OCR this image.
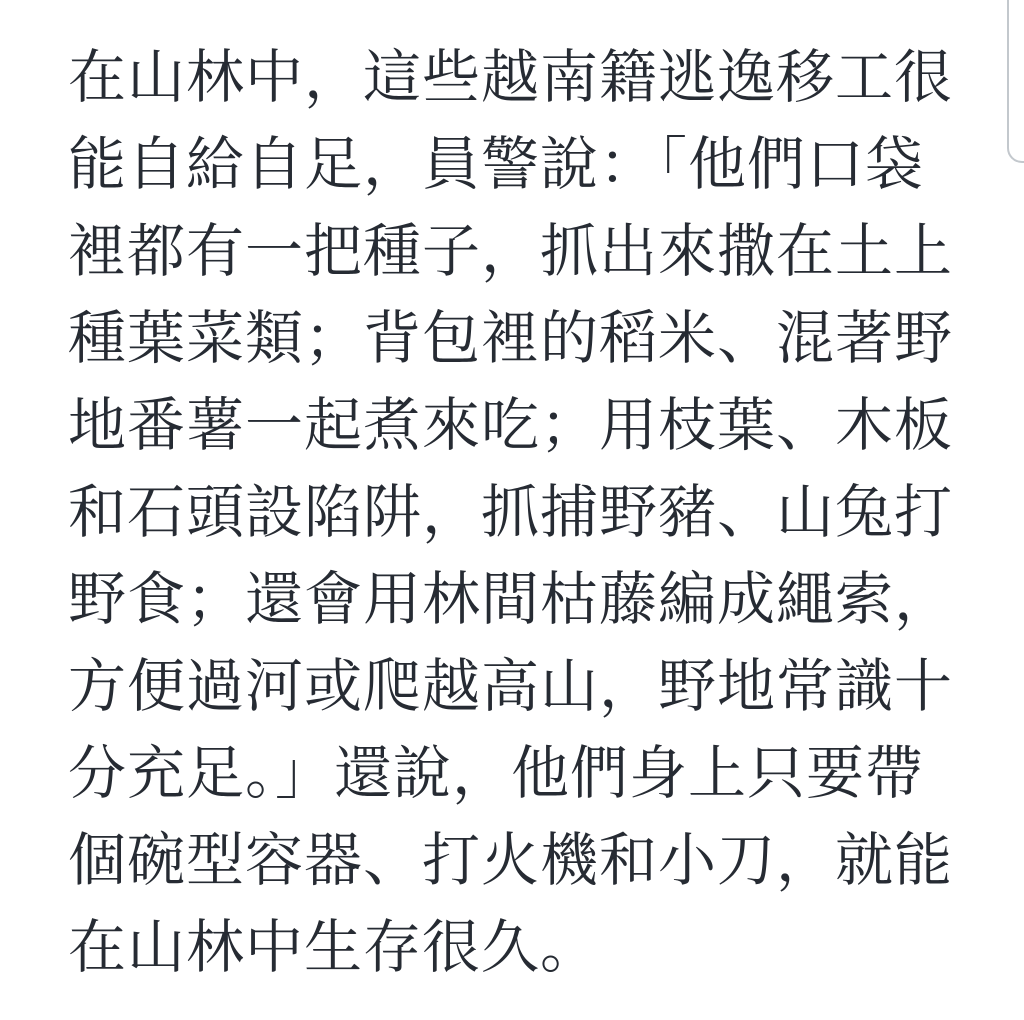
在山林中，這些越南籍逃逸移工很
能自給自足，員警說：「他們口袋
裡都有一把種子，抓出來撒在土上
種葉菜類；背包裡的稻米、混著野
地番薯一起煮來吃；用枝葉、木板
和石頭設陷阱，抓捕野豬、山兔打
野食；還會用林間枯藤編成繩索，
方便過河或爬越高山，野地常識十
分充足。」還說，他們身上只要帶
個碗型容器、打火機和小刀，就能
在山林中生存很久。
